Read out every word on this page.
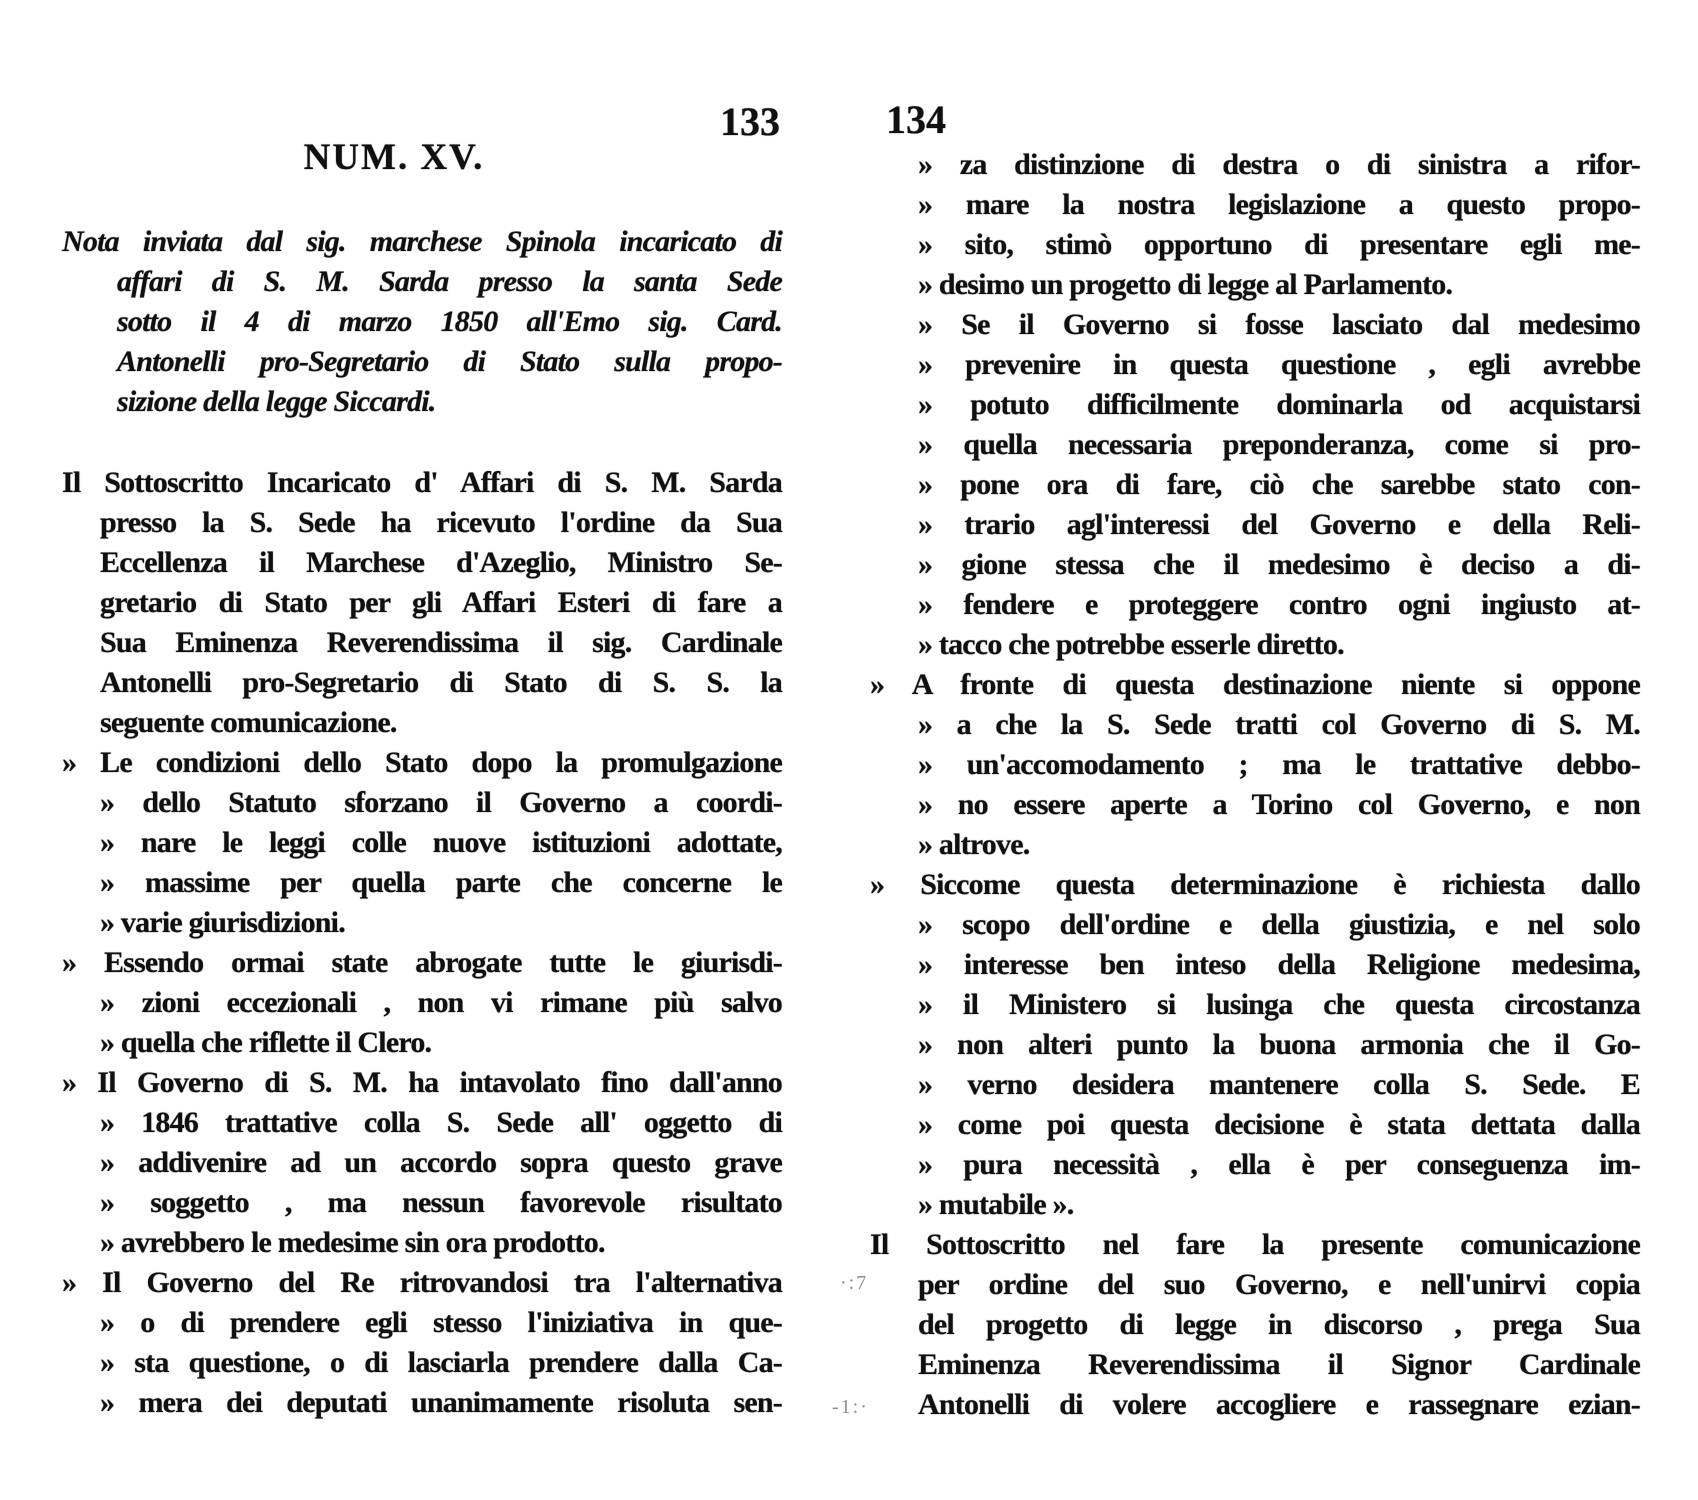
133
NUM. XV.
Nota inviata dal sig. marchese Spinola incaricato di
affari di S. M. Sarda presso la santa Sede
sotto il 4 di marzo 1850 all'Emo sig. Card.
Antonelli pro-Segretario di Stato sulla propo-
sizione della legge Siccardi.
Il Sottoscritto Incaricato d' Affari di S. M. Sarda
presso la S. Sede ha ricevuto l'ordine da Sua
Eccellenza il Marchese d'Azeglio, Ministro Se-
gretario di Stato per gli Affari Esteri di fare a
Sua Eminenza Reverendissima il sig. Cardinale
Antonelli pro-Segretario di Stato di S. S. la
seguente comunicazione.
» Le condizioni dello Stato dopo la promulgazione
» dello Statuto sforzano il Governo a coordi-
» nare le leggi colle nuove istituzioni adottate,
» massime per quella parte che concerne le
» varie giurisdizioni.
» Essendo ormai state abrogate tutte le giurisdi-
» zioni eccezionali , non vi rimane più salvo
» quella che riflette il Clero.
» Il Governo di S. M. ha intavolato fino dall'anno
» 1846 trattative colla S. Sede all' oggetto di
» addivenire ad un accordo sopra questo grave
» soggetto , ma nessun favorevole risultato
» avrebbero le medesime sin ora prodotto.
» Il Governo del Re ritrovandosi tra l'alternativa
» o di prendere egli stesso l'iniziativa in que-
» sta questione, o di lasciarla prendere dalla Ca-
» mera dei deputati unanimamente risoluta sen-
134
» za distinzione di destra o di sinistra a rifor-
» mare la nostra legislazione a questo propo-
» sito, stimò opportuno di presentare egli me-
» desimo un progetto di legge al Parlamento.
» Se il Governo si fosse lasciato dal medesimo
» prevenire in questa questione , egli avrebbe
» potuto difficilmente dominarla od acquistarsi
» quella necessaria preponderanza, come si pro-
» pone ora di fare, ciò che sarebbe stato con-
» trario agl'interessi del Governo e della Reli-
» gione stessa che il medesimo è deciso a di-
» fendere e proteggere contro ogni ingiusto at-
» tacco che potrebbe esserle diretto.
» A fronte di questa destinazione niente si oppone
» a che la S. Sede tratti col Governo di S. M.
» un'accomodamento ; ma le trattative debbo-
» no essere aperte a Torino col Governo, e non
» altrove.
» Siccome questa determinazione è richiesta dallo
» scopo dell'ordine e della giustizia, e nel solo
» interesse ben inteso della Religione medesima,
» il Ministero si lusinga che questa circostanza
» non alteri punto la buona armonia che il Go-
» verno desidera mantenere colla S. Sede. E
» come poi questa decisione è stata dettata dalla
» pura necessità , ella è per conseguenza im-
» mutabile ».
Il Sottoscritto nel fare la presente comunicazione
per ordine del suo Governo, e nell'unirvi copia
del progetto di legge in discorso , prega Sua
Eminenza Reverendissima il Signor Cardinale
Antonelli di volere accogliere e rassegnare ezian-
·:7
-1:·
